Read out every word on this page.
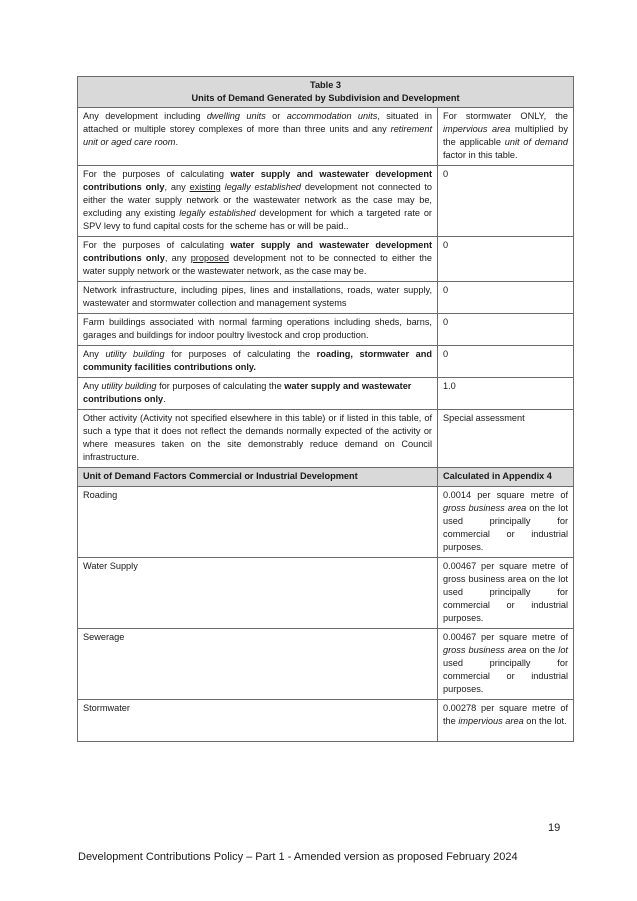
Table 3
Units of Demand Generated by Subdivision and Development	

Any development including dwelling units or accommodation units, situated in attached or multiple storey complexes of more than three units and any retirement unit or aged care room.	For stormwater ONLY, the impervious area multiplied by the applicable unit of demand factor in this table.
For the purposes of calculating water supply and wastewater development contributions only, any existing legally established development not connected to either the water supply network or the wastewater network as the case may be, excluding any existing legally established development for which a targeted rate or SPV levy to fund capital costs for the scheme has or will be paid..	0
For the purposes of calculating water supply and wastewater development contributions only, any proposed development not to be connected to either the water supply network or the wastewater network, as the case may be.	0
Network infrastructure, including pipes, lines and installations, roads, water supply, wastewater and stormwater collection and management systems	0
Farm buildings associated with normal farming operations including sheds, barns, garages and buildings for indoor poultry livestock and crop production.	0
Any utility building for purposes of calculating the roading, stormwater and community facilities contributions only.	0
Any utility building for purposes of calculating the water supply and wastewater contributions only.	1.0
Other activity (Activity not specified elsewhere in this table) or if listed in this table, of such a type that it does not reflect the demands normally expected of the activity or where measures taken on the site demonstrably reduce demand on Council infrastructure.	Special assessment
Unit of Demand Factors Commercial or Industrial Development	Calculated in Appendix 4
Roading	0.0014 per square metre of gross business area on the lot used principally for commercial or industrial purposes.
Water Supply	0.00467 per square metre of gross business area on the lot used principally for commercial or industrial purposes.
Sewerage	0.00467 per square metre of gross business area on the lot used principally for commercial or industrial purposes.
Stormwater	0.00278 per square metre of the impervious area on the lot.
19
Development Contributions Policy – Part 1 - Amended version as proposed February 2024
